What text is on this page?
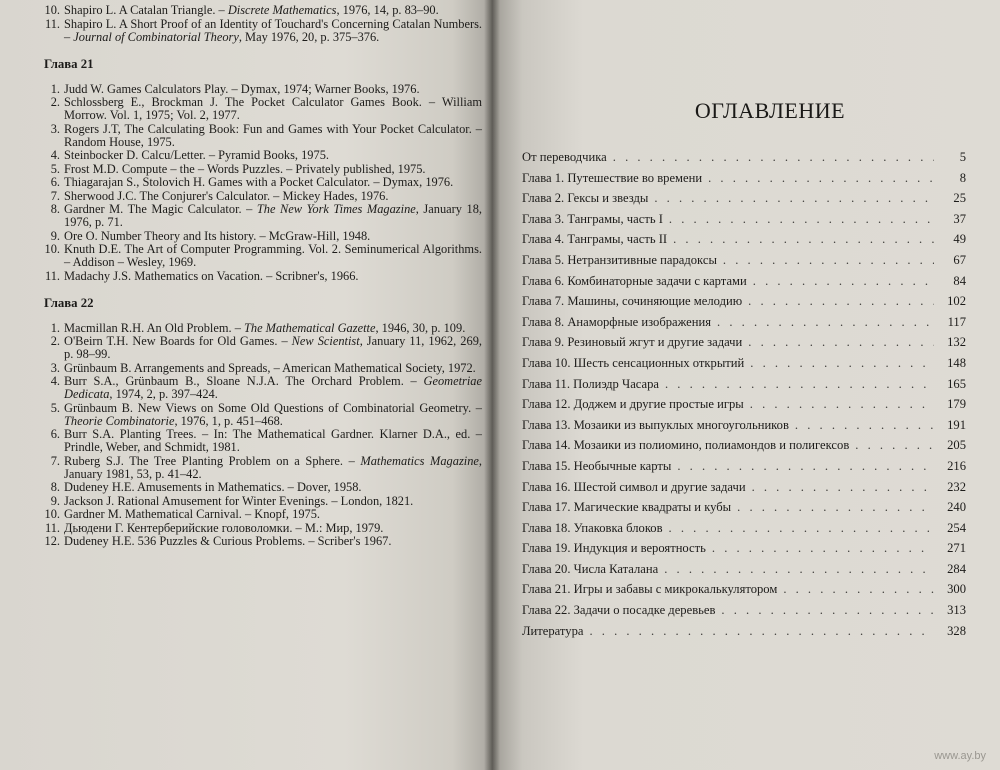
10. Shapiro L. A Catalan Triangle. – Discrete Mathematics, 1976, 14, p. 83–90.
11. Shapiro L. A Short Proof of an Identity of Touchard's Concerning Catalan Numbers. – Journal of Combinatorial Theory, May 1976, 20, p. 375–376.
Глава 21
1. Judd W. Games Calculators Play. – Dymax, 1974; Warner Books, 1976.
2. Schlossberg E., Brockman J. The Pocket Calculator Games Book. – William Morrow. Vol. 1, 1975; Vol. 2, 1977.
3. Rogers J.T, The Calculating Book: Fun and Games with Your Pocket Calculator. – Random House, 1975.
4. Steinbocker D. Calcu/Letter. – Pyramid Books, 1975.
5. Frost M.D. Compute – the – Words Puzzles. – Privately published, 1975.
6. Thiagarajan S., Stolovich H. Games with a Pocket Calculator. – Dymax, 1976.
7. Sherwood J.C. The Conjurer's Calculator. – Mickey Hades, 1976.
8. Gardner M. The Magic Calculator. – The New York Times Magazine, January 18, 1976, p. 71.
9. Ore O. Number Theory and Its history. – McGraw-Hill, 1948.
10. Knuth D.E. The Art of Computer Programming. Vol. 2. Seminumerical Algorithms. – Addison – Wesley, 1969.
11. Madachy J.S. Mathematics on Vacation. – Scribner's, 1966.
Глава 22
1. Macmillan R.H. An Old Problem. – The Mathematical Gazette, 1946, 30, p. 109.
2. O'Beirn T.H. New Boards for Old Games. – New Scientist, January 11, 1962, 269, p. 98–99.
3. Grünbaum B. Arrangements and Spreads, – American Mathematical Society, 1972.
4. Burr S.A., Grünbaum B., Sloane N.J.A. The Orchard Problem. – Geometriae Dedicata, 1974, 2, p. 397–424.
5. Grünbaum B. New Views on Some Old Questions of Combinatorial Geometry. – Theorie Combinatorie, 1976, 1, p. 451–468.
6. Burr S.A. Planting Trees. – In: The Mathematical Gardner. Klarner D.A., ed. – Prindle, Weber, and Schmidt, 1981.
7. Ruberg S.J. The Tree Planting Problem on a Sphere. – Mathematics Magazine, January 1981, 53, p. 41–42.
8. Dudeney H.E. Amusements in Mathematics. – Dover, 1958.
9. Jackson J. Rational Amusement for Winter Evenings. – London, 1821.
10. Gardner M. Mathematical Carnival. – Knopf, 1975.
11. Дьюдени Г. Кентерберийские головоломки. – М.: Мир, 1979.
12. Dudeney H.E. 536 Puzzles & Curious Problems. – Scriber's 1967.
ОГЛАВЛЕНИЕ
От переводчика . . .	5
Глава 1. Путешествие во времени . . .	8
Глава 2. Гексы и звезды . . .	25
Глава 3. Танграмы, часть I . . .	37
Глава 4. Танграмы, часть II . . .	49
Глава 5. Нетранзитивные парадоксы . . .	67
Глава 6. Комбинаторные задачи с картами . . .	84
Глава 7. Машины, сочиняющие мелодию . . .	102
Глава 8. Анаморфные изображения . . .	117
Глава 9. Резиновый жгут и другие задачи . . .	132
Глава 10. Шесть сенсационных открытий . . .	148
Глава 11. Полиэдр Часара . . .	165
Глава 12. Доджем и другие простые игры . . .	179
Глава 13. Мозаики из выпуклых многоугольников . . .	191
Глава 14. Мозаики из полиомино, полиамондов и полигексов . . .	205
Глава 15. Необычные карты . . .	216
Глава 16. Шестой символ и другие задачи . . .	232
Глава 17. Магические квадраты и кубы . . .	240
Глава 18. Упаковка блоков . . .	254
Глава 19. Индукция и вероятность . . .	271
Глава 20. Числа Каталана . . .	284
Глава 21. Игры и забавы с микрокалькулятором . . .	300
Глава 22. Задачи о посадке деревьев . . .	313
Литература . . .	328
www.ay.by
